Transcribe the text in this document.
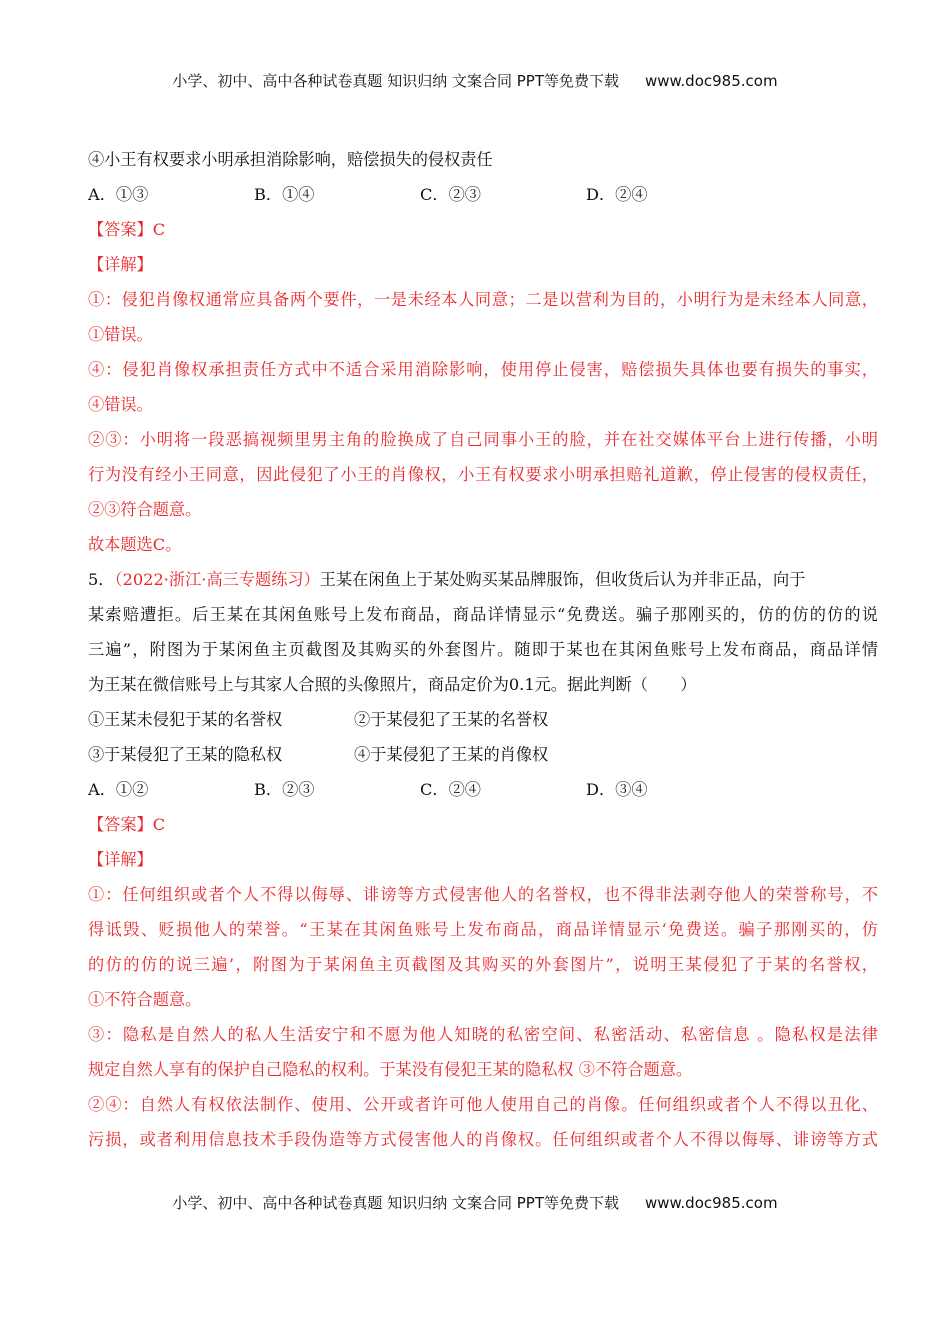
小学、初中、高中各种试卷真题 知识归纳 文案合同 PPT等免费下载 www.doc985.com
④小王有权要求小明承担消除影响，赔偿损失的侵权责任
A．①③	B．①④	C．②③	D．②④
【答案】C
【详解】
①：侵犯肖像权通常应具备两个要件，一是未经本人同意；二是以营利为目的，小明行为是未经本人同意，
①错误。
④：侵犯肖像权承担责任方式中不适合采用消除影响，使用停止侵害，赔偿损失具体也要有损失的事实，
④错误。
②③：小明将一段恶搞视频里男主角的脸换成了自己同事小王的脸，并在社交媒体平台上进行传播，小明
行为没有经小王同意，因此侵犯了小王的肖像权，小王有权要求小明承担赔礼道歉，停止侵害的侵权责任，
②③符合题意。
故本题选C。
5．（2022·浙江·高三专题练习）王某在闲鱼上于某处购买某品牌服饰，但收货后认为并非正品，向于
某索赔遭拒。后王某在其闲鱼账号上发布商品，商品详情显示“免费送。骗子那刚买的，仿的仿的仿的说
三遍”，附图为于某闲鱼主页截图及其购买的外套图片。随即于某也在其闲鱼账号上发布商品，商品详情
为王某在微信账号上与其家人合照的头像照片，商品定价为0.1元。据此判断（　　）
①王某未侵犯于某的名誉权	②于某侵犯了王某的名誉权
③于某侵犯了王某的隐私权	④于某侵犯了王某的肖像权
A．①②	B．②③	C．②④	D．③④
【答案】C
【详解】
①：任何组织或者个人不得以侮辱、诽谤等方式侵害他人的名誉权，也不得非法剥夺他人的荣誉称号，不
得诋毁、贬损他人的荣誉。“王某在其闲鱼账号上发布商品，商品详情显示‘免费送。骗子那刚买的，仿
的仿的仿的说三遍’，附图为于某闲鱼主页截图及其购买的外套图片”，说明王某侵犯了于某的名誉权，
①不符合题意。
③：隐私是自然人的私人生活安宁和不愿为他人知晓的私密空间、私密活动、私密信息 。隐私权是法律
规定自然人享有的保护自己隐私的权利。于某没有侵犯王某的隐私权 ③不符合题意。
②④：自然人有权依法制作、使用、公开或者许可他人使用自己的肖像。任何组织或者个人不得以丑化、
污损，或者利用信息技术手段伪造等方式侵害他人的肖像权。任何组织或者个人不得以侮辱、诽谤等方式
小学、初中、高中各种试卷真题 知识归纳 文案合同 PPT等免费下载 www.doc985.com
